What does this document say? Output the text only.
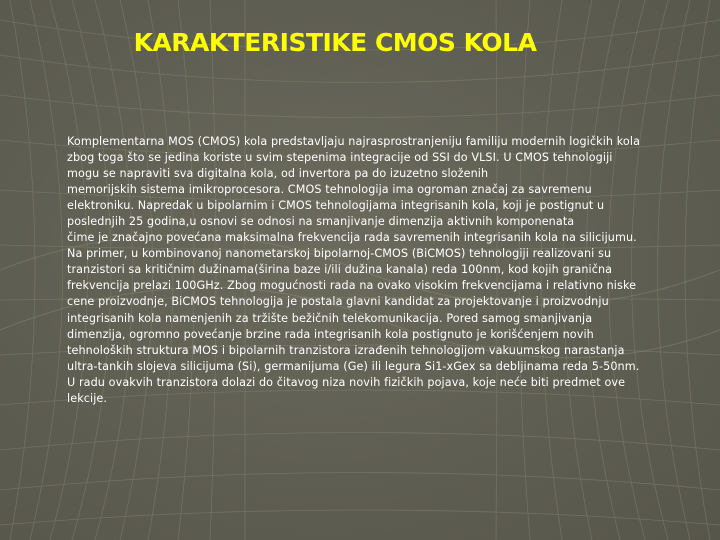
KARAKTERISTIKE CMOS KOLA
Komplementarna MOS (CMOS) kola predstavljaju najrasprostranjeniju familiju modernih logičkih kola
zbog toga što se jedina koriste u svim stepenima integracije od SSI do VLSI. U CMOS tehnologiji
mogu se napraviti sva digitalna kola, od invertora pa do izuzetno složenih
memorijskih sistema imikroprocesora. CMOS tehnologija ima ogroman značaj za savremenu
elektroniku. Napredak u bipolarnim i CMOS tehnologijama integrisanih kola, koji je postignut u
poslednjih 25 godina,u osnovi se odnosi na smanjivanje dimenzija aktivnih komponenata
čime je značajno povećana maksimalna frekvencija rada savremenih integrisanih kola na silicijumu.
Na primer, u kombinovanoj nanometarskoj bipolarnoj-CMOS (BiCMOS) tehnologiji realizovani su
tranzistori sa kritičnim dužinama(širina baze i/ili dužina kanala) reda 100nm, kod kojih granična
frekvencija prelazi 100GHz. Zbog mogućnosti rada na ovako visokim frekvencijama i relativno niske
cene proizvodnje, BiCMOS tehnologija je postala glavni kandidat za projektovanje i proizvodnju
integrisanih kola namenjenih za tržište bežičnih telekomunikacija. Pored samog smanjivanja
dimenzija, ogromno povećanje brzine rada integrisanih kola postignuto je korišćenjem novih
tehnoloških struktura MOS i bipolarnih tranzistora izrađenih tehnologijom vakuumskog narastanja
ultra-tankih slojeva silicijuma (Si), germanijuma (Ge) ili legura Si1-xGex sa debljinama reda 5-50nm.
U radu ovakvih tranzistora dolazi do čitavog niza novih fizičkih pojava, koje neće biti predmet ove
lekcije.
